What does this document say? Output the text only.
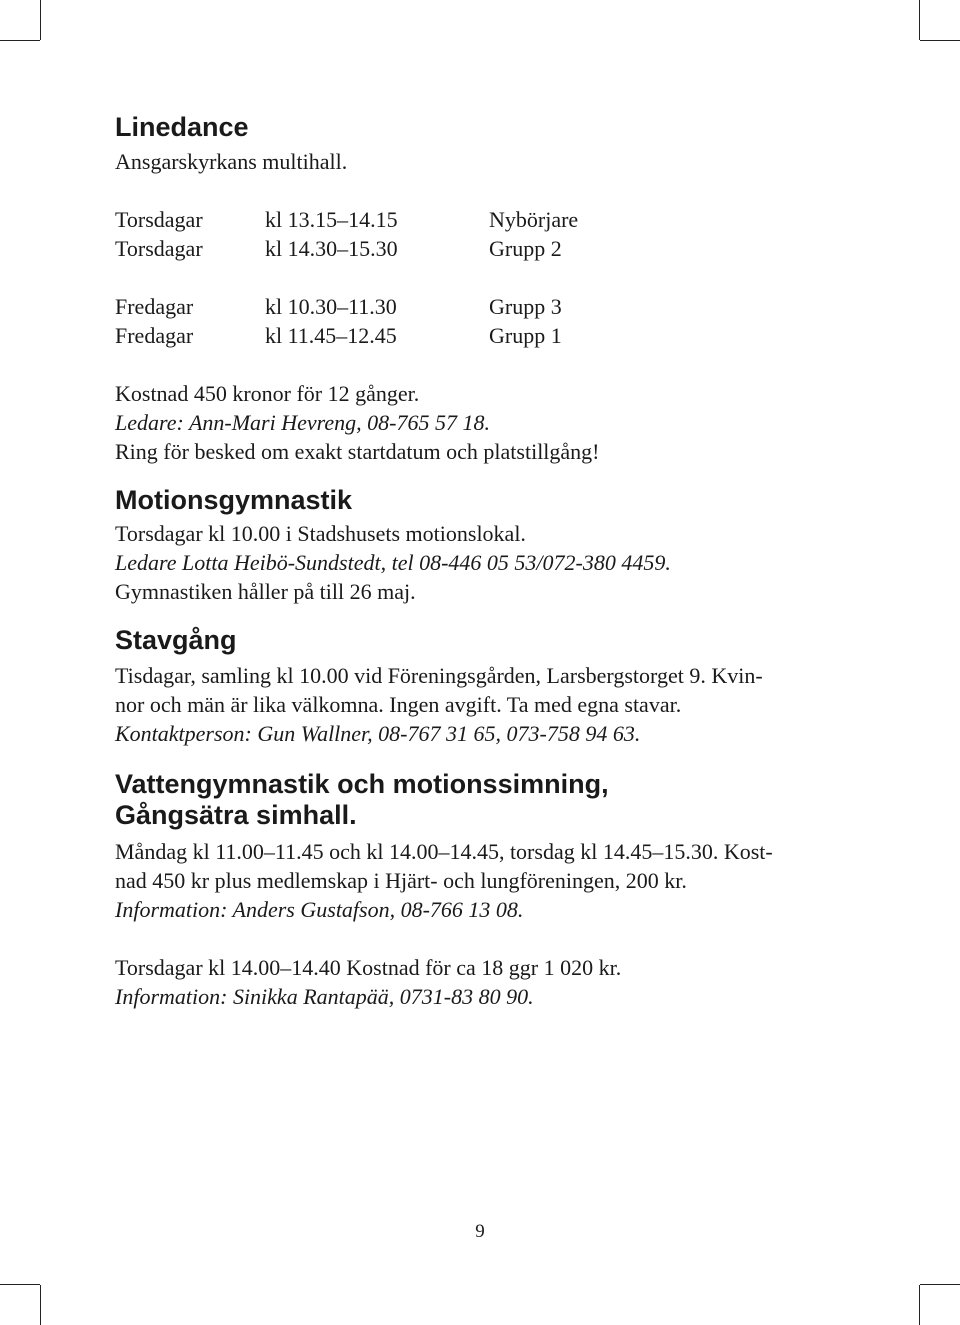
Linedance
Ansgarskyrkans multihall.
Torsdagar	kl 13.15–14.15	Nybörjare
Torsdagar	kl 14.30–15.30	Grupp 2
Fredagar	kl 10.30–11.30	Grupp 3
Fredagar	kl 11.45–12.45	Grupp 1
Kostnad 450 kronor för 12 gånger.
Ledare: Ann-Mari Hevreng, 08-765 57 18.
Ring för besked om exakt startdatum och platstillgång!
Motionsgymnastik
Torsdagar kl 10.00 i Stadshusets motionslokal.
Ledare Lotta Heibö-Sundstedt, tel 08-446 05 53/072-380 4459.
Gymnastiken håller på till 26 maj.
Stavgång
Tisdagar, samling kl 10.00 vid Föreningsgården, Larsbergstorget 9. Kvin-
nor och män är lika välkomna. Ingen avgift. Ta med egna stavar.
Kontaktperson: Gun Wallner, 08-767 31 65, 073-758 94 63.
Vattengymnastik och motionssimning,
Gångsätra simhall.
Måndag kl 11.00–11.45 och kl 14.00–14.45, torsdag kl 14.45–15.30. Kost-
nad 450 kr plus medlemskap i Hjärt- och lungföreningen, 200 kr.
Information: Anders Gustafson, 08-766 13 08.
Torsdagar kl 14.00–14.40 Kostnad för ca 18 ggr 1 020 kr.
Information: Sinikka Rantapää, 0731-83 80 90.
9
